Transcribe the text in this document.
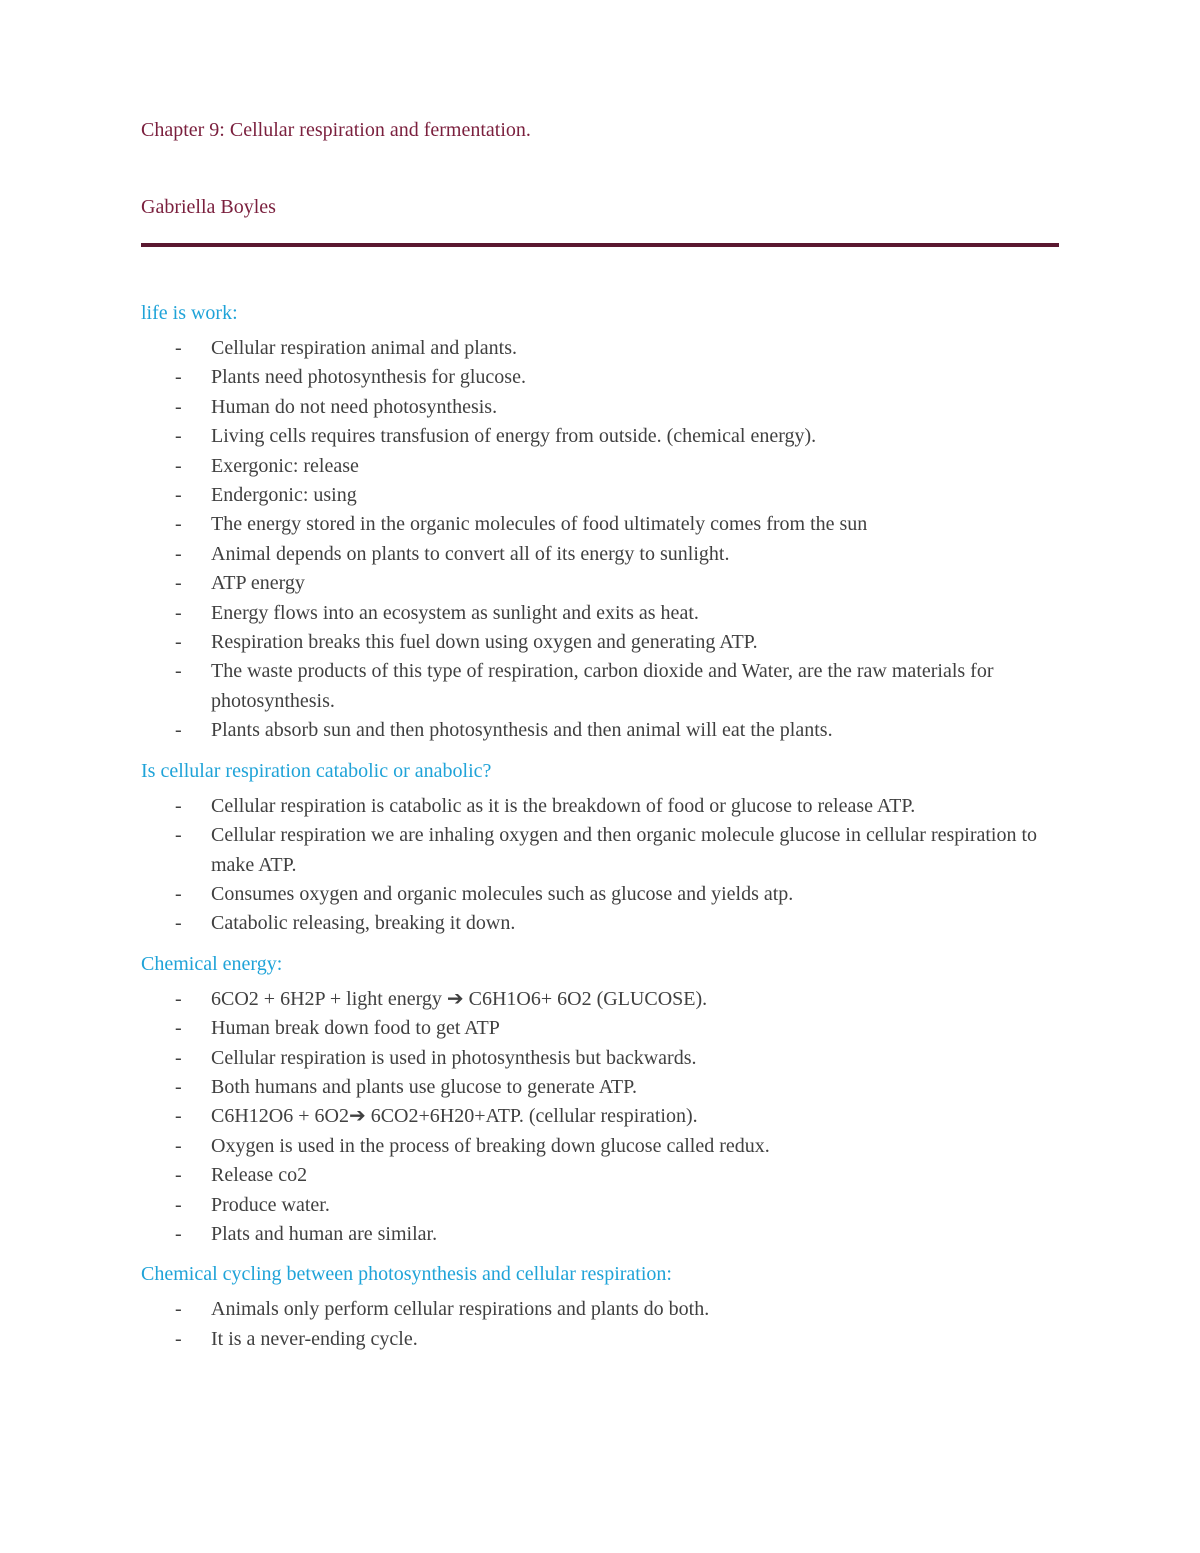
Chapter 9: Cellular respiration and fermentation.

Gabriella Boyles

life is work:
- Cellular respiration animal and plants.
- Plants need photosynthesis for glucose.
- Human do not need photosynthesis.
- Living cells requires transfusion of energy from outside. (chemical energy).
- Exergonic: release
- Endergonic: using
- The energy stored in the organic molecules of food ultimately comes from the sun
- Animal depends on plants to convert all of its energy to sunlight.
- ATP energy
- Energy flows into an ecosystem as sunlight and exits as heat.
- Respiration breaks this fuel down using oxygen and generating ATP.
- The waste products of this type of respiration, carbon dioxide and Water, are the raw materials for photosynthesis.
- Plants absorb sun and then photosynthesis and then animal will eat the plants.
Is cellular respiration catabolic or anabolic?
- Cellular respiration is catabolic as it is the breakdown of food or glucose to release ATP.
- Cellular respiration we are inhaling oxygen and then organic molecule glucose in cellular respiration to make ATP.
- Consumes oxygen and organic molecules such as glucose and yields atp.
- Catabolic releasing, breaking it down.
Chemical energy:
- 6CO2 + 6H2P + light energy ➔ C6H1O6+ 6O2 (GLUCOSE).
- Human break down food to get ATP
- Cellular respiration is used in photosynthesis but backwards.
- Both humans and plants use glucose to generate ATP.
- C6H12O6 + 6O2➔ 6CO2+6H20+ATP. (cellular respiration).
- Oxygen is used in the process of breaking down glucose called redux.
- Release co2
- Produce water.
- Plats and human are similar.
Chemical cycling between photosynthesis and cellular respiration:
- Animals only perform cellular respirations and plants do both.
- It is a never-ending cycle.
